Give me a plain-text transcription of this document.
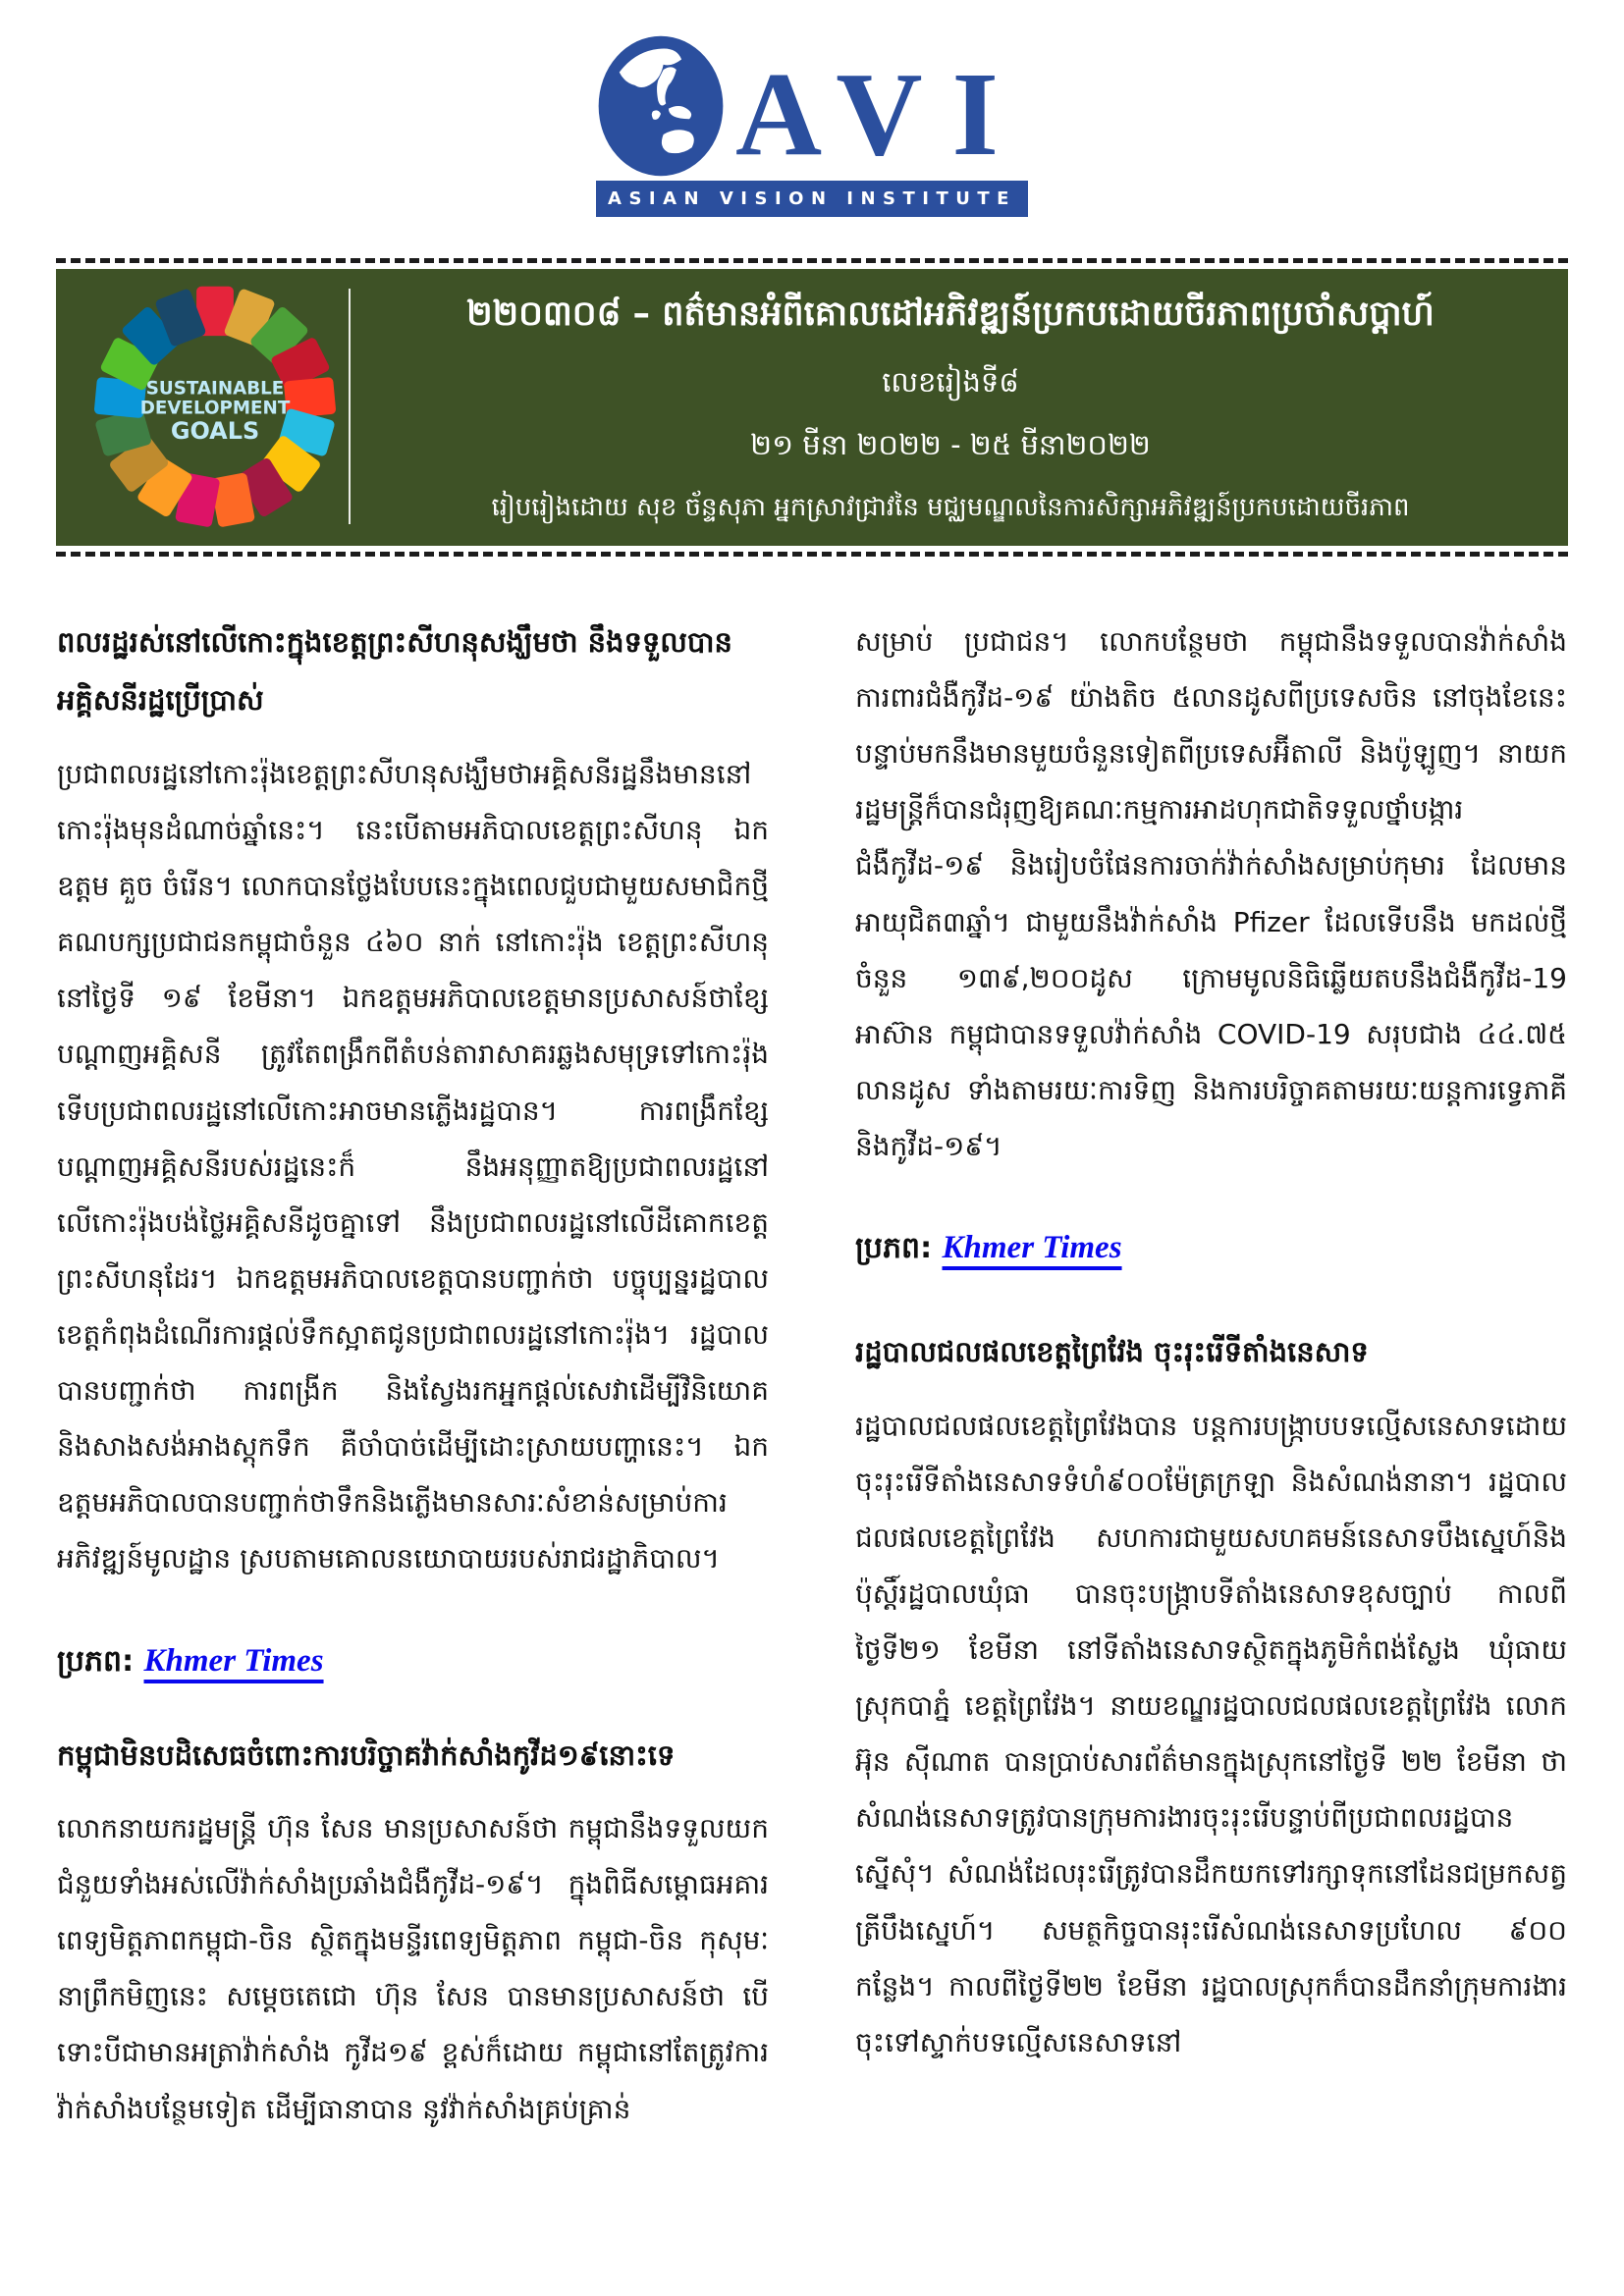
AVI
ASIAN VISION INSTITUTE
SUSTAINABLE
DEVELOPMENT
GOALS
២២០៣០៨ – ពត៌មានអំពីគោលដៅអភិវឌ្ឍន៍ប្រកបដោយចីរភាពប្រចាំសប្ដាហ៍
លេខរៀងទី៨
២១ មីនា ២០២២ - ២៥ មីនា២០២២
រៀបរៀងដោយ សុខ ច័ន្ទសុភា អ្នកស្រាវជ្រាវនៃ មជ្ឈមណ្ឌលនៃការសិក្សាអភិវឌ្ឍន៍ប្រកបដោយចីរភាព
ពលរដ្ឋរស់នៅលើកោះក្នុងខេត្តព្រះសីហនុសង្ឃឹមថា នឹងទទួលបាន អគ្គិសនីរដ្ឋប្រើប្រាស់

ប្រជាពលរដ្ឋនៅកោះរ៉ុងខេត្តព្រះសីហនុសង្ឃឹមថាអគ្គិសនីរដ្ឋនឹងមាននៅកោះរ៉ុងមុនដំណាច់ឆ្នាំនេះ។ នេះបើតាមអភិបាលខេត្តព្រះសីហនុ ឯកឧត្តម គួច ចំរើន។ លោកបានថ្លែងបែបនេះក្នុងពេលជួបជាមួយសមាជិកថ្មីគណបក្សប្រជាជនកម្ពុជាចំនួន ៤៦០ នាក់ នៅកោះរ៉ុង ខេត្តព្រះសីហនុ នៅថ្ងៃទី ១៩ ខែមីនា។ ឯកឧត្តមអភិបាលខេត្តមានប្រសាសន៍ថាខ្សែបណ្ដាញអគ្គិសនី ត្រូវតែពង្រឹកពីតំបន់តារាសាគរឆ្លងសមុទ្រទៅកោះរ៉ុងទើបប្រជាពលរដ្ឋនៅលើកោះអាចមានភ្លើងរដ្ឋបាន។ ការពង្រឹកខ្សែបណ្ដាញអគ្គិសនីរបស់រដ្ឋនេះក៏ នឹងអនុញ្ញាតឱ្យប្រជាពលរដ្ឋនៅលើកោះរ៉ុងបង់ថ្លៃអគ្គិសនីដូចគ្នាទៅ នឹងប្រជាពលរដ្ឋនៅលើដីគោកខេត្តព្រះសីហនុដែរ។ ឯកឧត្តមអភិបាលខេត្តបានបញ្ជាក់ថា បច្ចុប្បន្នរដ្ឋបាលខេត្តកំពុងដំណើរការផ្តល់ទឹកស្អាតជូនប្រជាពលរដ្ឋនៅកោះរ៉ុង។ រដ្ឋបាលបានបញ្ជាក់ថា ការពង្រីក និងស្វែងរកអ្នកផ្តល់សេវាដើម្បីវិនិយោគ និងសាងសង់អាងស្តុកទឹក គឺចាំបាច់ដើម្បីដោះស្រាយបញ្ហានេះ។ ឯកឧត្តមអភិបាលបានបញ្ជាក់ថាទឹកនិងភ្លើងមានសារៈសំខាន់សម្រាប់ការអភិវឌ្ឍន៍មូលដ្ឋាន ស្របតាមគោលនយោបាយរបស់រាជរដ្ឋាភិបាល។

ប្រភព: Khmer Times
កម្ពុជាមិនបដិសេធចំពោះការបរិច្ចាគវ៉ាក់សាំងកូវីដ១៩នោះទេ

លោកនាយករដ្ឋមន្ត្រី ហ៊ុន សែន មានប្រសាសន៍ថា កម្ពុជានឹងទទួលយកជំនួយទាំងអស់លើវ៉ាក់សាំងប្រឆាំងជំងឺកូវីដ-១៩។ ក្នុងពិធីសម្ពោធអគារពេទ្យមិត្តភាពកម្ពុជា-ចិន ស្ថិតក្នុងមន្ទីរពេទ្យមិត្តភាព កម្ពុជា-ចិន កុសុមៈ នាព្រឹកមិញនេះ សម្តេចតេជោ ហ៊ុន សែន បានមានប្រសាសន៍ថា បើទោះបីជាមានអត្រាវ៉ាក់សាំង កូវីដ១៩ ខ្ពស់ក៏ដោយ កម្ពុជានៅតែត្រូវការវ៉ាក់សាំងបន្ថែមទៀត ដើម្បីធានាបាន នូវវ៉ាក់សាំងគ្រប់គ្រាន់

សម្រាប់ ប្រជាជន។ លោកបន្ថែមថា កម្ពុជានឹងទទួលបានវ៉ាក់សាំងការពារជំងឺកូវីដ-១៩ យ៉ាងតិច ៥លានដូសពីប្រទេសចិន នៅចុងខែនេះ បន្ទាប់មកនឹងមានមួយចំនួនទៀតពីប្រទេសអ៊ីតាលី និងប៉ូឡូញ។ នាយករដ្ឋមន្ត្រីក៏បានជំរុញឱ្យគណៈកម្មការអាដហុកជាតិទទួលថ្នាំបង្ការជំងឺកូវីដ-១៩ និងរៀបចំផែនការចាក់វ៉ាក់សាំងសម្រាប់កុមារ ដែលមានអាយុជិត៣ឆ្នាំ។ ជាមួយនឹងវ៉ាក់សាំង Pfizer ដែលទើបនឹង មកដល់ថ្មីចំនួន ១៣៩,២០០ដូស ក្រោមមូលនិធិឆ្លើយតបនឹងជំងឺកូវីដ-19 អាស៊ាន កម្ពុជាបានទទួលវ៉ាក់សាំង COVID-19 សរុបជាង ៤៤.៧៥ លានដូស ទាំងតាមរយៈការទិញ និងការបរិច្ចាគតាមរយៈយន្តការទ្វេភាគី និងកូវីដ-១៩។

ប្រភព: Khmer Times
រដ្ឋបាលជលផលខេត្តព្រៃវែង ចុះរុះរើទីតាំងនេសាទ

រដ្ឋបាលជលផលខេត្តព្រៃវែងបាន បន្តការបង្ក្រាបបទល្មើសនេសាទដោយចុះរុះរើទីតាំងនេសាទទំហំ៩០០ម៉ែត្រក្រឡា និងសំណង់នានា។ រដ្ឋបាលជលផលខេត្តព្រៃវែង សហការជាមួយសហគមន៍នេសាទបឹងស្នេហ៍និងប៉ុស្តិ៍រដ្ឋបាលឃុំធា បានចុះបង្ក្រាបទីតាំងនេសាទខុសច្បាប់ កាលពីថ្ងៃទី២១ ខែមីនា នៅទីតាំងនេសាទស្ថិតក្នុងភូមិកំពង់ស្លែង ឃុំធាយ ស្រុកបាភ្នំ ខេត្តព្រៃវែង។ នាយខណ្ឌរដ្ឋបាលជលផលខេត្តព្រៃវែង លោក អ៊ុន ស៊ីណាត បានប្រាប់សារព័ត៌មានក្នុងស្រុកនៅថ្ងៃទី ២២ ខែមីនា ថា សំណង់នេសាទត្រូវបានក្រុមការងារចុះរុះរើបន្ទាប់ពីប្រជាពលរដ្ឋបានស្នើសុំ។ សំណង់ដែលរុះរើត្រូវបានដឹកយកទៅរក្សាទុកនៅដែនជម្រកសត្វត្រីបឹងស្នេហ៍។ សមត្ថកិច្ចបានរុះរើសំណង់នេសាទប្រហែល ៩០០ កន្លែង។ កាលពីថ្ងៃទី២២ ខែមីនា រដ្ឋបាលស្រុកក៏បានដឹកនាំក្រុមការងារចុះទៅស្ទាក់បទល្មើសនេសាទនៅ
